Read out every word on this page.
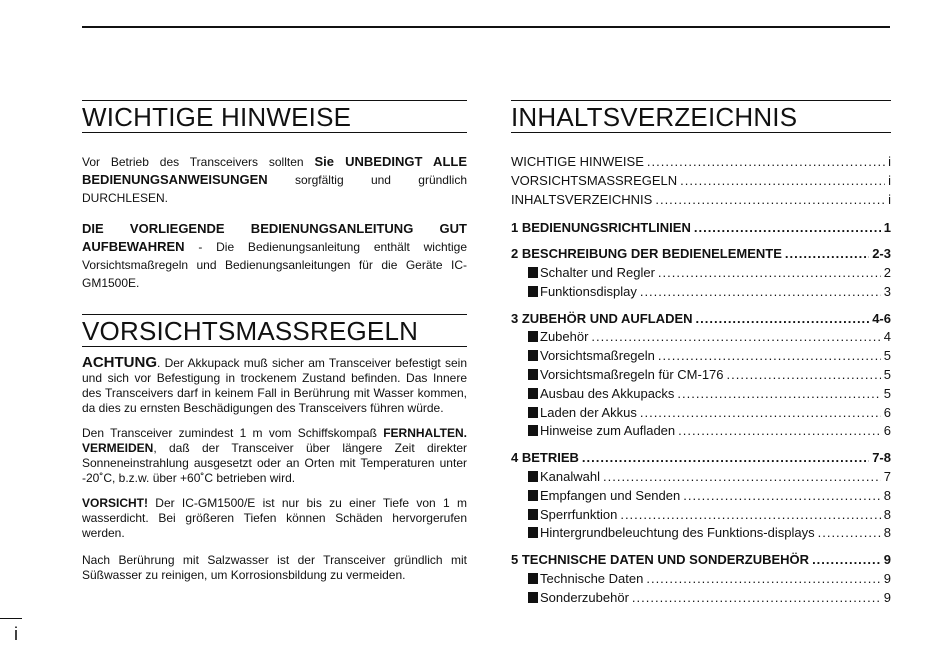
WICHTIGE HINWEISE

Vor Betrieb des Transceivers sollten Sie UNBEDINGT ALLE BEDIENUNGSANWEISUNGEN sorgfältig und gründlich DURCHLESEN.

DIE VORLIEGENDE BEDIENUNGSANLEITUNG GUT AUFBEWAHREN - Die Bedienungsanleitung enthält wichtige Vorsichtsmaßregeln und Bedienungsanleitungen für die Geräte IC-GM1500E.

VORSICHTSMASSREGELN

ACHTUNG. Der Akkupack muß sicher am Transceiver befestigt sein und sich vor Befestigung in trockenem Zustand befinden. Das Innere des Transceivers darf in keinem Fall in Berührung mit Wasser kommen, da dies zu ernsten Beschädigungen des Transceivers führen würde.

Den Transceiver zumindest 1 m vom Schiffskompaß FERNHALTEN. VERMEIDEN, daß der Transceiver über längere Zeit direkter Sonneneinstrahlung ausgesetzt oder an Orten mit Temperaturen unter -20˚C, b.z.w. über +60˚C betrieben wird.

VORSICHT! Der IC-GM1500/E ist nur bis zu einer Tiefe von 1 m wasserdicht. Bei größeren Tiefen können Schäden hervorgerufen werden.

Nach Berührung mit Salzwasser ist der Transceiver gründlich mit Süßwasser zu reinigen, um Korrosionsbildung zu vermeiden.

INHALTSVERZEICHNIS
WICHTIGE HINWEISE .....	i
VORSICHTSMASSREGELN .....	i
INHALTSVERZEICHNIS .....	i
1 BEDIENUNGSRICHTLINIEN .....	1
2 BESCHREIBUNG DER BEDIENELEMENTE .....	2-3
Schalter und Regler .....	2
Funktionsdisplay .....	3
3 ZUBEHÖR UND AUFLADEN .....	4-6
Zubehör .....	4
Vorsichtsmaßregeln .....	5
Vorsichtsmaßregeln für CM-176 .....	5
Ausbau des Akkupacks .....	5
Laden der Akkus .....	6
Hinweise zum Aufladen .....	6
4 BETRIEB .....	7-8
Kanalwahl .....	7
Empfangen und Senden .....	8
Sperrfunktion .....	8
Hintergrundbeleuchtung des Funktions-displays .....	8
5 TECHNISCHE DATEN UND SONDERZUBEHÖR .....	9
Technische Daten .....	9
Sonderzubehör .....	9
i
